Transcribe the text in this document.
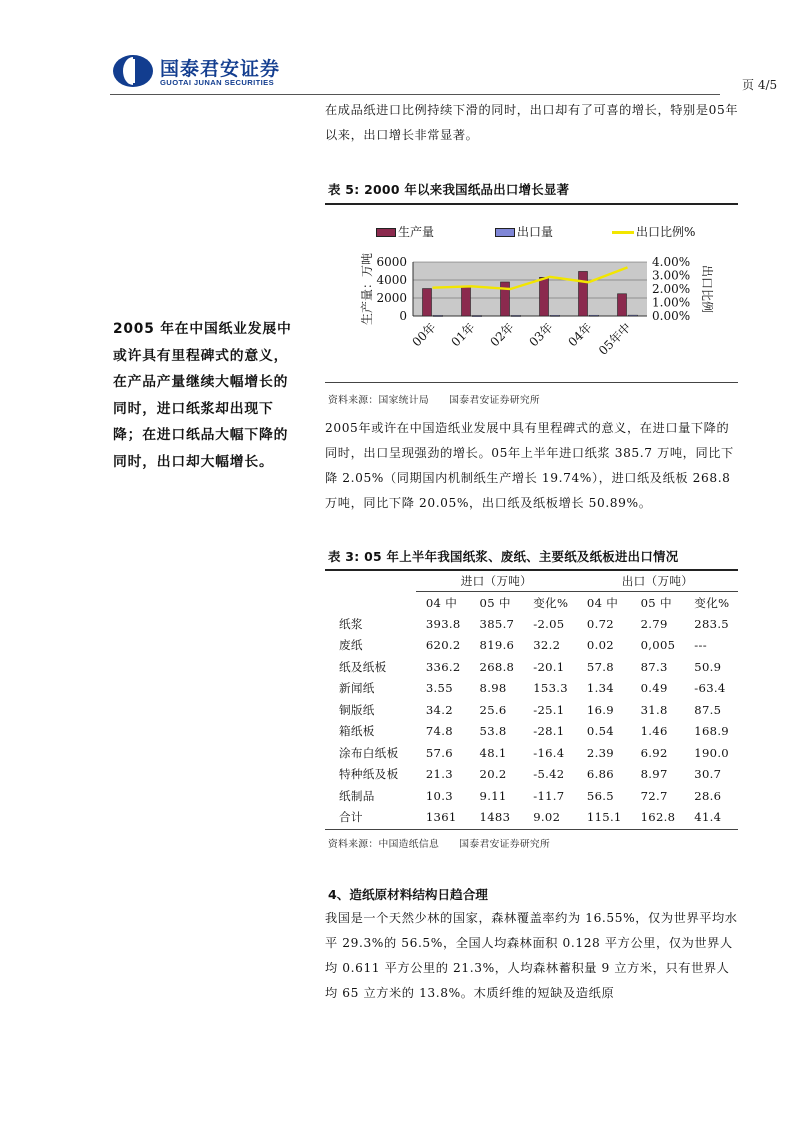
国泰君安证券
GUOTAI JUNAN SECURITIES	页 4/5
在成品纸进口比例持续下滑的同时，出口却有了可喜的增长，特别是05年以来，出口增长非常显著。
表 5: 2000 年以来我国纸品出口增长显著
生产量	出口量	出口比例%
6000
4000
2000
0
4.00%
3.00%
2.00%
1.00%
0.00%
生产量：万吨	出口比例
00年 01年 02年 03年 04年 05年中
资料来源：国家统计局　　国泰君安证券研究所
2005 年在中国纸业发展中或许具有里程碑式的意义，在产品产量继续大幅增长的同时，进口纸浆却出现下降；在进口纸品大幅下降的同时，出口却大幅增长。
2005年或许在中国造纸业发展中具有里程碑式的意义，在进口量下降的同时，出口呈现强劲的增长。05年上半年进口纸浆 385.7 万吨，同比下降 2.05%（同期国内机制纸生产增长 19.74%），进口纸及纸板 268.8 万吨，同比下降 20.05%，出口纸及纸板增长 50.89%。
表 3: 05 年上半年我国纸浆、废纸、主要纸及纸板进出口情况
	进口（万吨）			出口（万吨）		
	04 中	05 中	变化%	04 中	05 中	变化%
纸浆	393.8	385.7	-2.05	0.72	2.79	283.5
废纸	620.2	819.6	32.2	0.02	0,005	---
纸及纸板	336.2	268.8	-20.1	57.8	87.3	50.9
新闻纸	3.55	8.98	153.3	1.34	0.49	-63.4
铜版纸	34.2	25.6	-25.1	16.9	31.8	87.5
箱纸板	74.8	53.8	-28.1	0.54	1.46	168.9
涂布白纸板	57.6	48.1	-16.4	2.39	6.92	190.0
特种纸及板	21.3	20.2	-5.42	6.86	8.97	30.7
纸制品	10.3	9.11	-11.7	56.5	72.7	28.6
合计	1361	1483	9.02	115.1	162.8	41.4
资料来源：中国造纸信息　　国泰君安证券研究所
4、造纸原材料结构日趋合理
我国是一个天然少林的国家，森林覆盖率约为 16.55%，仅为世界平均水平 29.3%的 56.5%，全国人均森林面积 0.128 平方公里，仅为世界人均 0.611 平方公里的 21.3%，人均森林蓄积量 9 立方米，只有世界人均 65 立方米的 13.8%。木质纤维的短缺及造纸原
